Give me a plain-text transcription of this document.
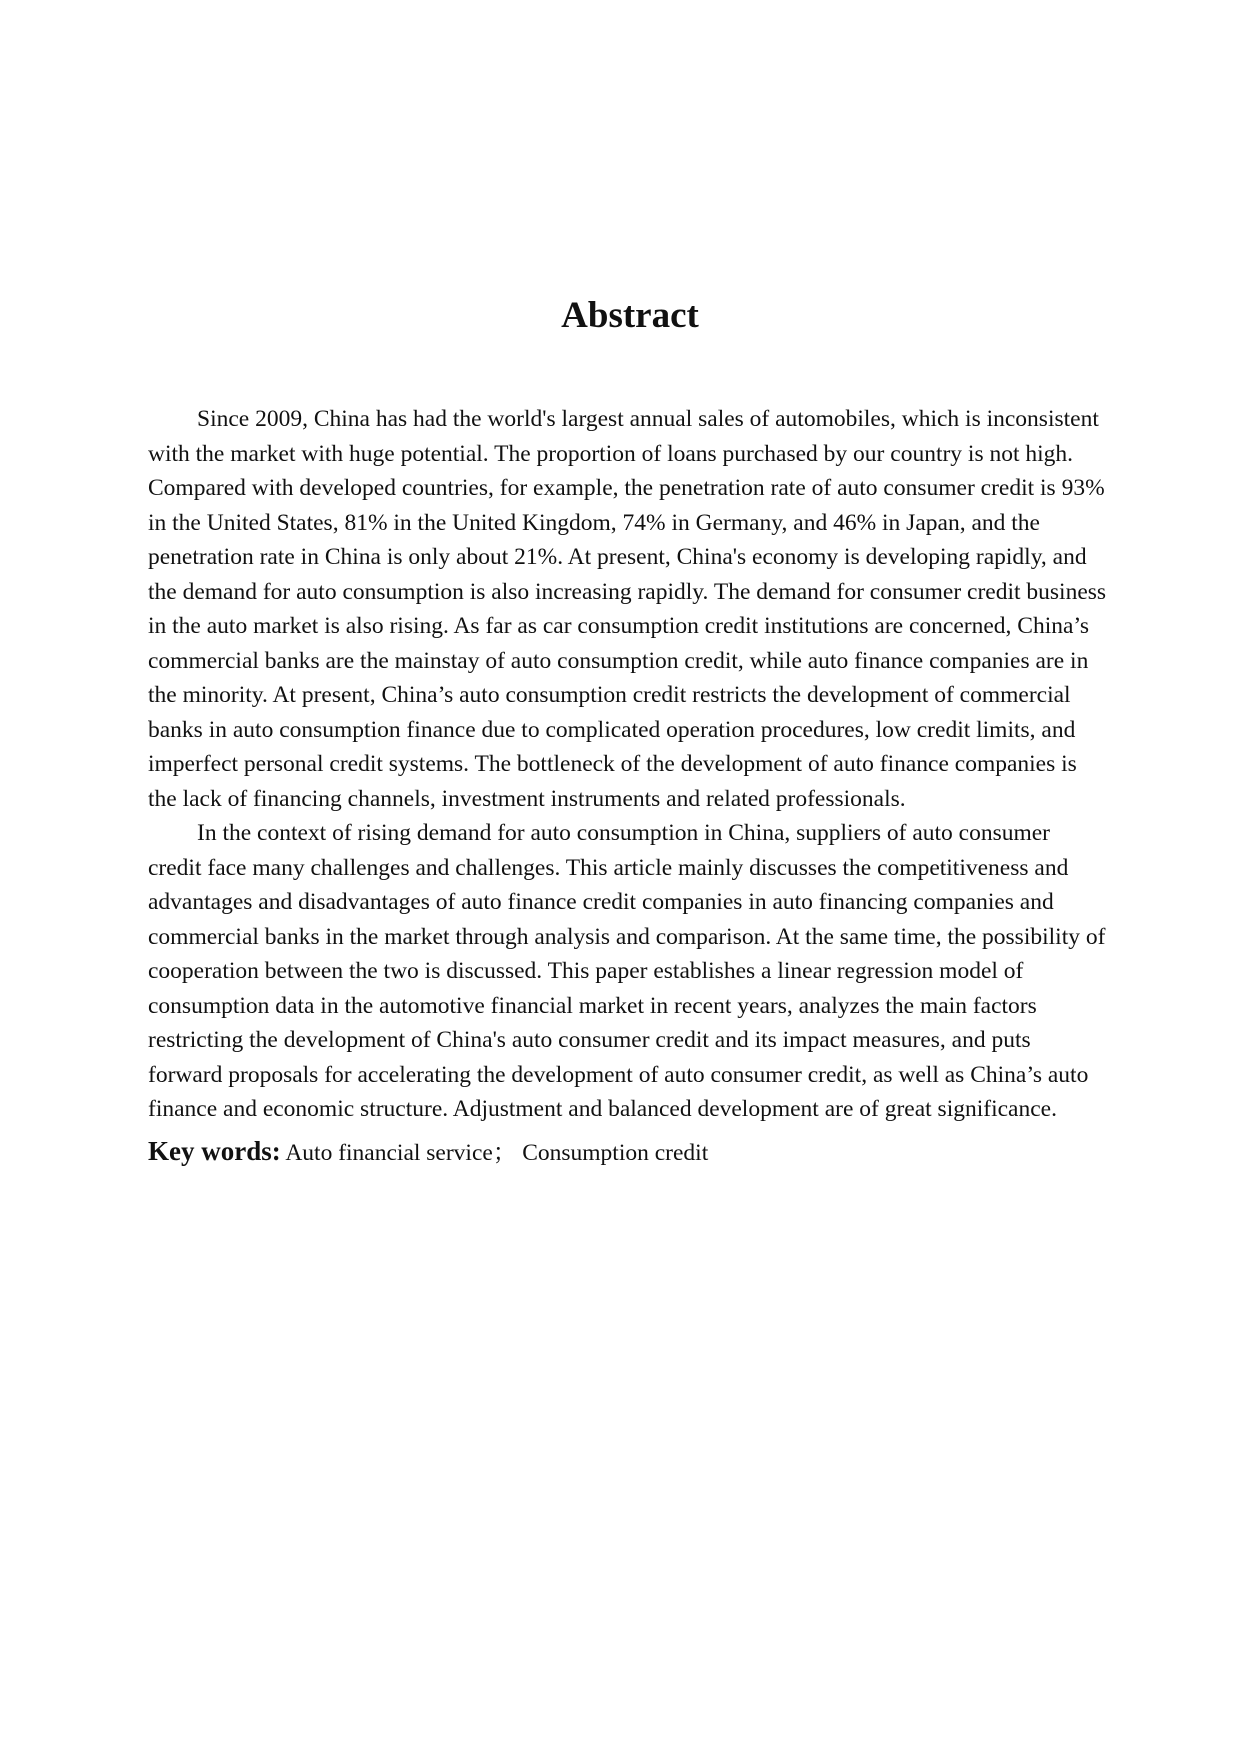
Abstract

Since 2009, China has had the world's largest annual sales of automobiles, which is inconsistent with the market with huge potential. The proportion of loans purchased by our country is not high. Compared with developed countries, for example, the penetration rate of auto consumer credit is 93% in the United States, 81% in the United Kingdom, 74% in Germany, and 46% in Japan, and the penetration rate in China is only about 21%. At present, China's economy is developing rapidly, and the demand for auto consumption is also increasing rapidly. The demand for consumer credit business in the auto market is also rising. As far as car consumption credit institutions are concerned, China’s commercial banks are the mainstay of auto consumption credit, while auto finance companies are in the minority. At present, China’s auto consumption credit restricts the development of commercial banks in auto consumption finance due to complicated operation procedures, low credit limits, and imperfect personal credit systems. The bottleneck of the development of auto finance companies is the lack of financing channels, investment instruments and related professionals.

In the context of rising demand for auto consumption in China, suppliers of auto consumer credit face many challenges and challenges. This article mainly discusses the competitiveness and advantages and disadvantages of auto finance credit companies in auto financing companies and commercial banks in the market through analysis and comparison. At the same time, the possibility of cooperation between the two is discussed. This paper establishes a linear regression model of consumption data in the automotive financial market in recent years, analyzes the main factors restricting the development of China's auto consumer credit and its impact measures, and puts forward proposals for accelerating the development of auto consumer credit, as well as China’s auto finance and economic structure. Adjustment and balanced development are of great significance.

Key words: Auto financial service； Consumption credit
